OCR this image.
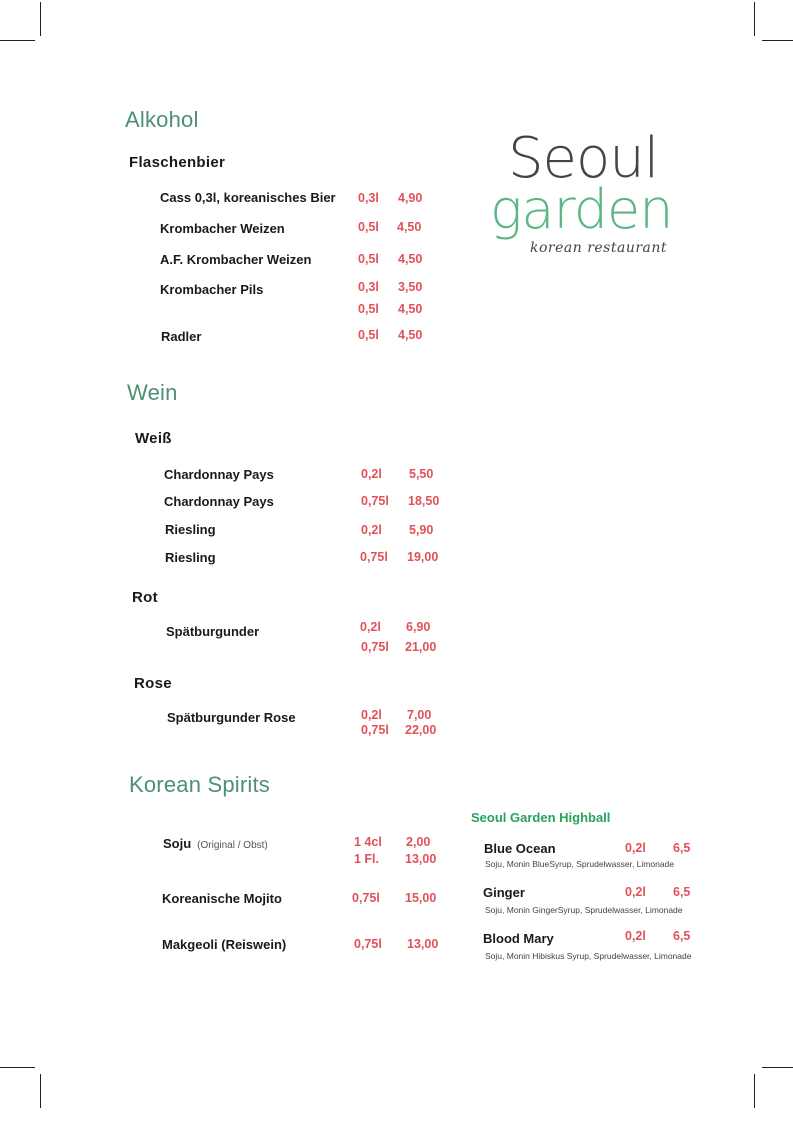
Seoul
garden
korean restaurant
Alkohol
Flaschenbier
Cass 0,3l, koreanisches Bier 0,3l 4,90
Krombacher Weizen	0,5l 4,50
A.F. Krombacher Weizen	0,5l 4,50
Krombacher Pils	0,3l 3,50
0,5l 4,50
Radler	0,5l 4,50
Wein
Weiß
Chardonnay Pays	0,2l 5,50
Chardonnay Pays	0,75l 18,50
Riesling	0,2l 5,90
Riesling	0,75l 19,00
Rot
Spätburgunder	0,2l 6,90
0,75l 21,00
Rose
Spätburgunder Rose	0,2l 7,00
0,75l 22,00
Korean Spirits
Soju (Original / Obst)	1 4cl 2,00
1 Fl. 13,00
Koreanische Mojito	0,75l 15,00
Makgeoli (Reiswein)	0,75l 13,00
Seoul Garden Highball
Blue Ocean	0,2l 6,5
Soju, Monin BlueSyrup, Sprudelwasser, Limonade
Ginger	0,2l 6,5
Soju, Monin GingerSyrup, Sprudelwasser, Limonade
Blood Mary	0,2l 6,5
Soju, Monin Hibiskus Syrup, Sprudelwasser, Limonade
